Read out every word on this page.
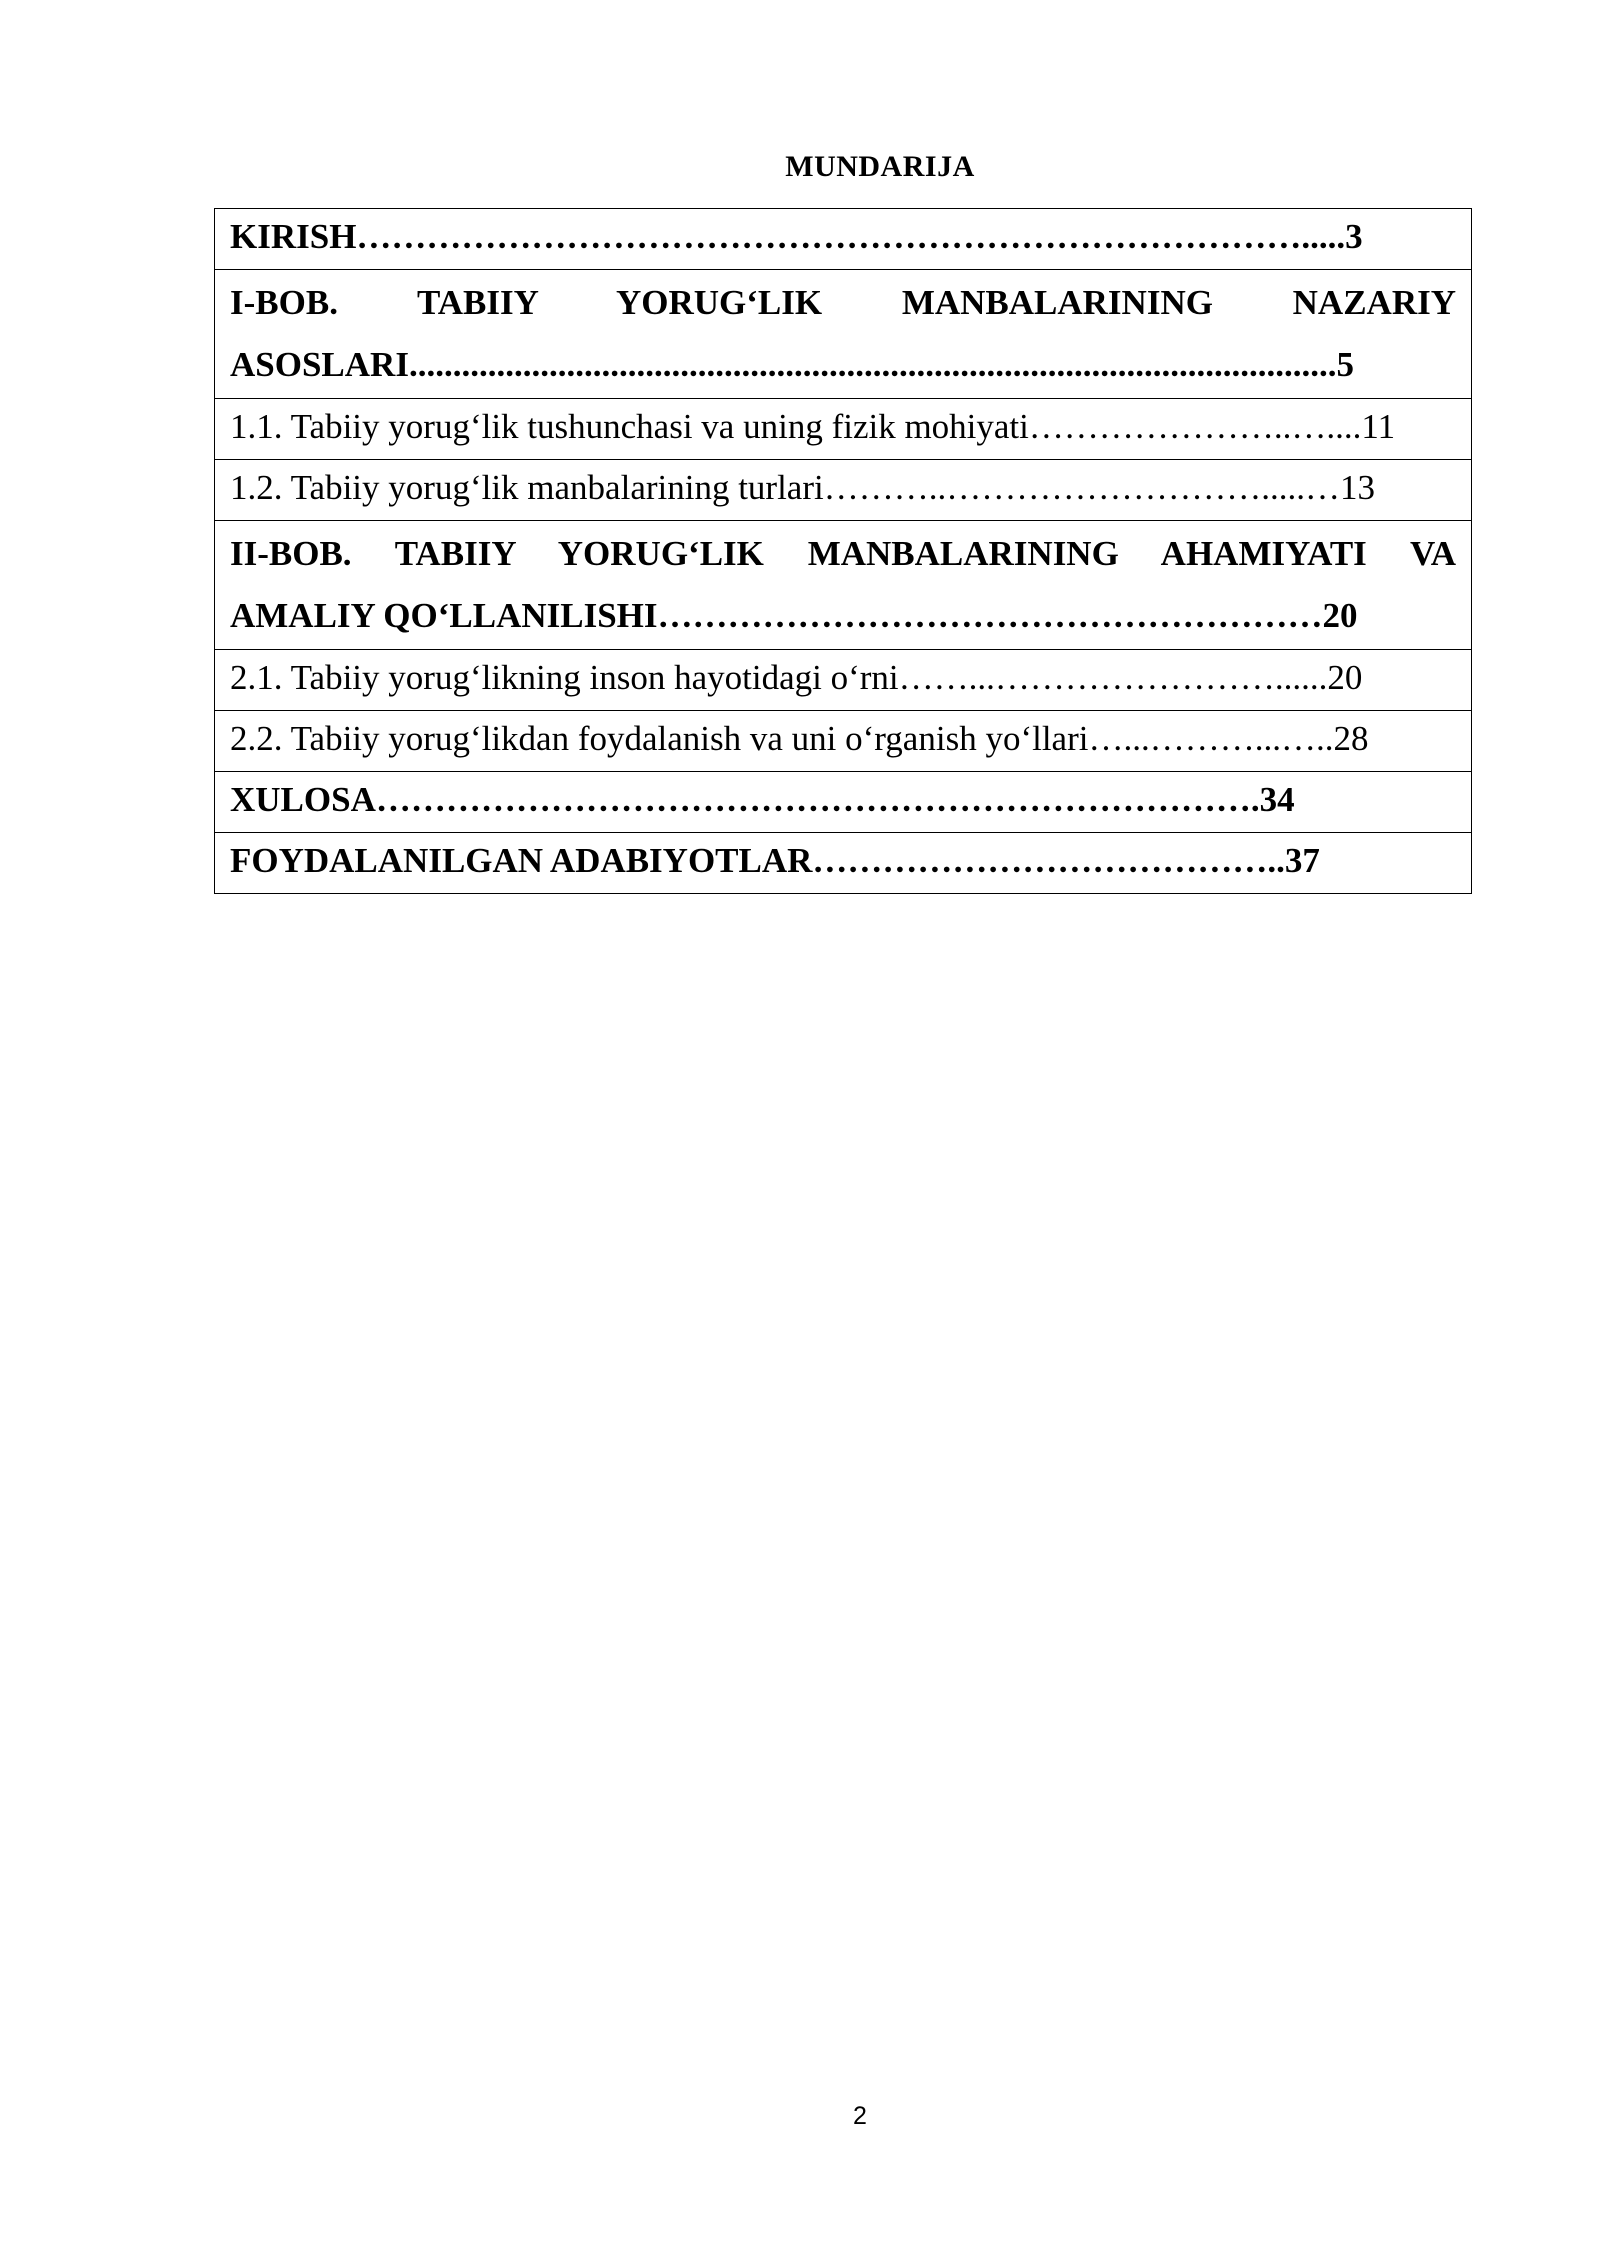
MUNDARIJA
KIRISH……………………………………………………………………….....3

I-BOB. TABIIY YORUG‘LIK MANBALARINING NAZARIY
ASOSLARI..........................................................................................................5

1.1. Tabiiy yorug‘lik tushunchasi va uning fizik mohiyati…………………..…....11

1.2. Tabiiy yorug‘lik manbalarining turlari………..……………………….....…13

II-BOB. TABIIY YORUG‘LIK MANBALARINING AHAMIYATI VA
AMALIY QO‘LLANILISHI…………………………………………………20

2.1. Tabiiy yorug‘likning inson hayotidagi o‘rni……...……………………......20

2.2. Tabiiy yorug‘likdan foydalanish va uni o‘rganish yo‘llari…...………...…..28

XULOSA………………………………………………………………….34

FOYDALANILGAN ADABIYOTLAR…………………………………..37
2
